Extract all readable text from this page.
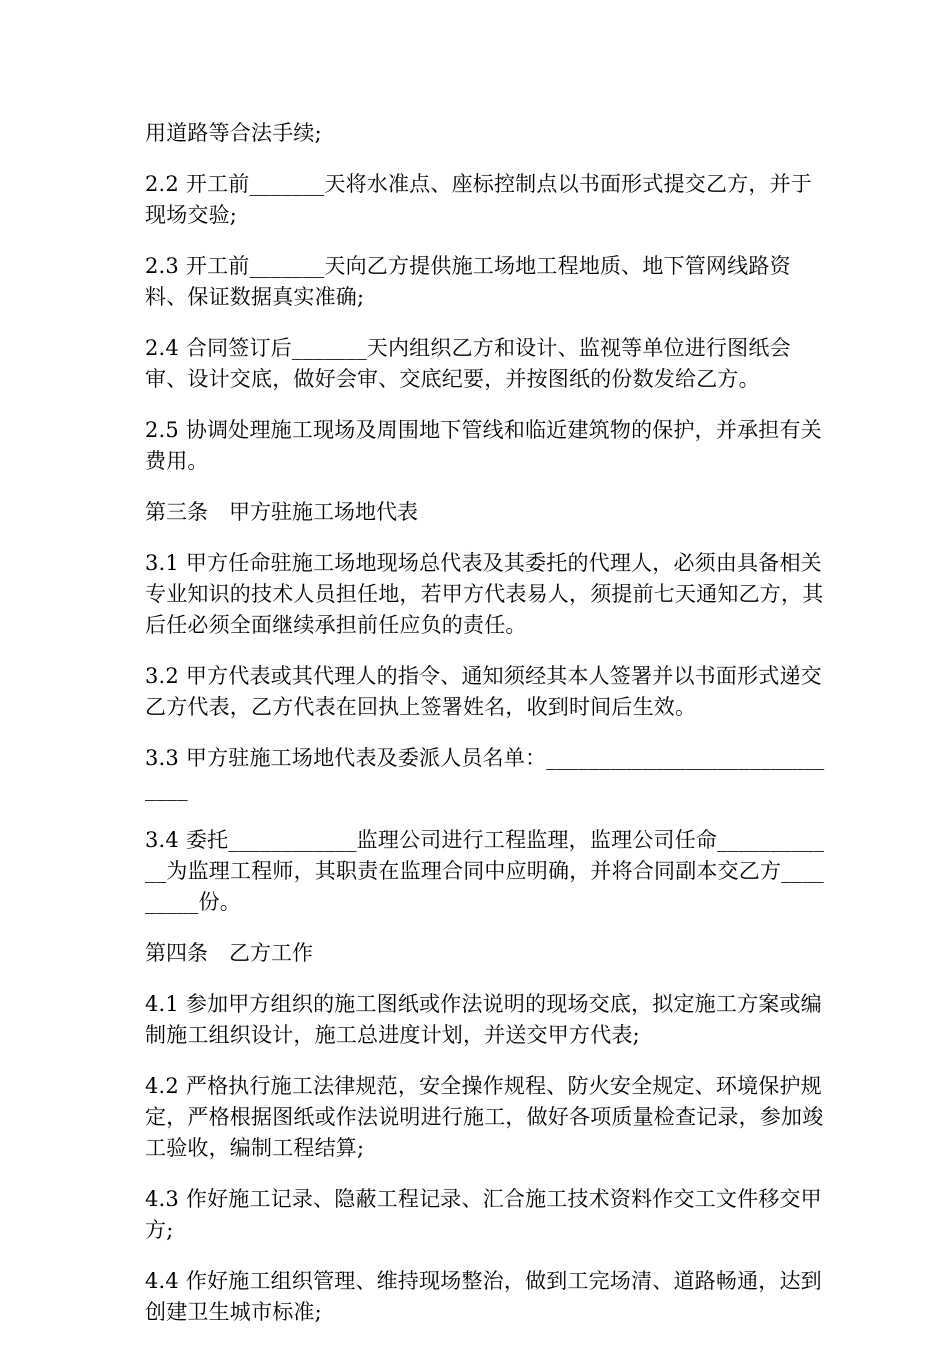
用道路等合法手续;

2.2 开工前_______天将水准点、座标控制点以书面形式提交乙方，并于现场交验;

2.3 开工前_______天向乙方提供施工场地工程地质、地下管网线路资料、保证数据真实准确;

2.4 合同签订后_______天内组织乙方和设计、监视等单位进行图纸会审、设计交底，做好会审、交底纪要，并按图纸的份数发给乙方。

2.5 协调处理施工现场及周围地下管线和临近建筑物的保护，并承担有关费用。

第三条　甲方驻施工场地代表

3.1 甲方任命驻施工场地现场总代表及其委托的代理人，必须由具备相关专业知识的技术人员担任地，若甲方代表易人，须提前七天通知乙方，其后任必须全面继续承担前任应负的责任。

3.2 甲方代表或其代理人的指令、通知须经其本人签署并以书面形式递交乙方代表，乙方代表在回执上签署姓名，收到时间后生效。

3.3 甲方驻施工场地代表及委派人员名单：______________________________

3.4 委托____________监理公司进行工程监理，监理公司任命____________为监理工程师，其职责在监理合同中应明确，并将合同副本交乙方_________份。

第四条　乙方工作

4.1 参加甲方组织的施工图纸或作法说明的现场交底，拟定施工方案或编制施工组织设计，施工总进度计划，并送交甲方代表;

4.2 严格执行施工法律规范，安全操作规程、防火安全规定、环境保护规定，严格根据图纸或作法说明进行施工，做好各项质量检查记录，参加竣工验收，编制工程结算;

4.3 作好施工记录、隐蔽工程记录、汇合施工技术资料作交工文件移交甲方;

4.4 作好施工组织管理、维持现场整治，做到工完场清、道路畅通，达到创建卫生城市标准;
